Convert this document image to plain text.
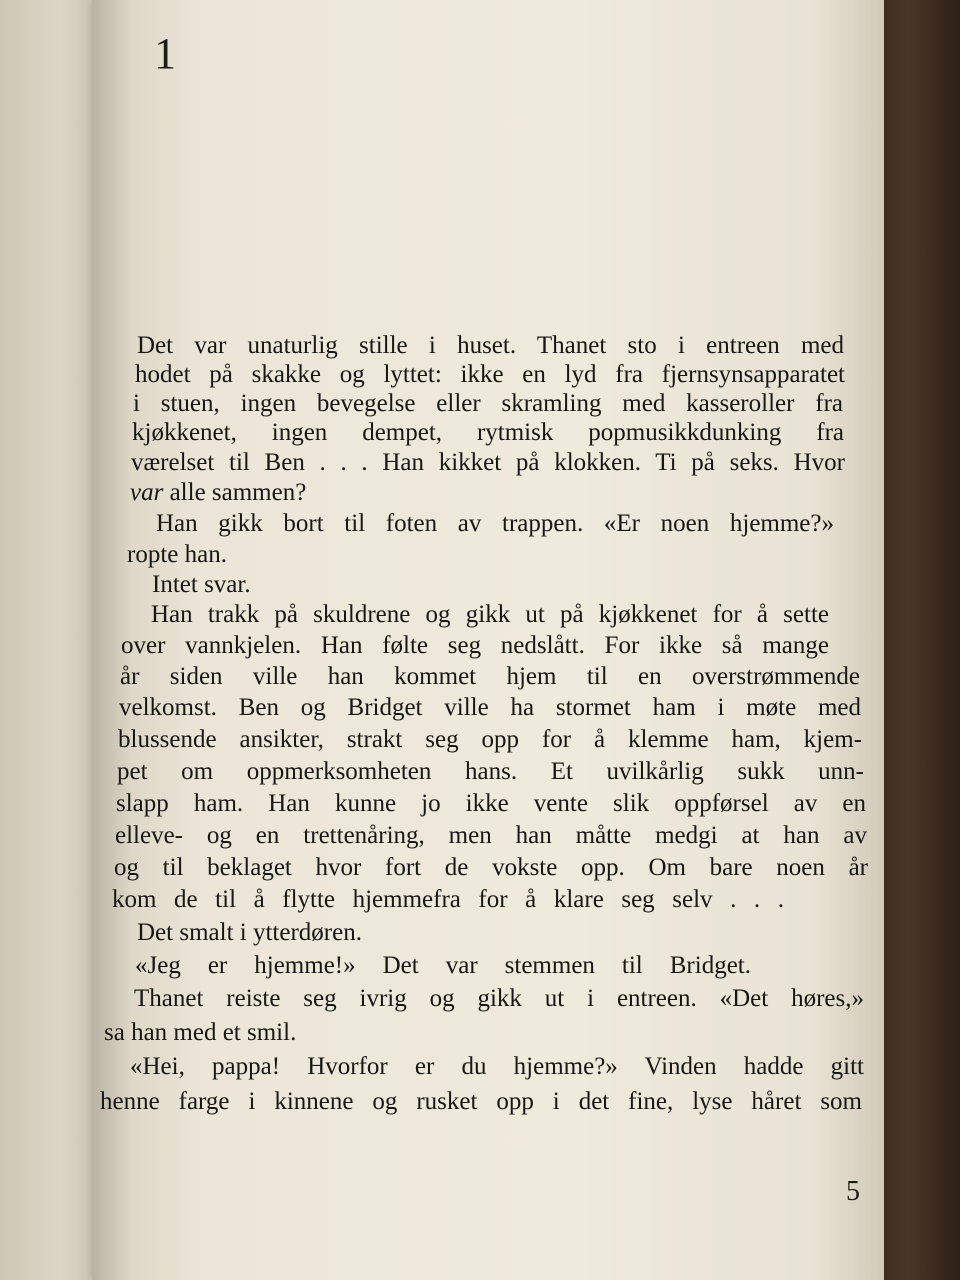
1
Det var unaturlig stille i huset. Thanet sto i entreen med
hodet på skakke og lyttet: ikke en lyd fra fjernsynsapparatet
i stuen, ingen bevegelse eller skramling med kasseroller fra
kjøkkenet, ingen dempet, rytmisk popmusikkdunking fra
værelset til Ben . . . Han kikket på klokken. Ti på seks. Hvor
var alle sammen?
Han gikk bort til foten av trappen. «Er noen hjemme?»
ropte han.
Intet svar.
Han trakk på skuldrene og gikk ut på kjøkkenet for å sette
over vannkjelen. Han følte seg nedslått. For ikke så mange
år siden ville han kommet hjem til en overstrømmende
velkomst. Ben og Bridget ville ha stormet ham i møte med
blussende ansikter, strakt seg opp for å klemme ham, kjem-
pet om oppmerksomheten hans. Et uvilkårlig sukk unn-
slapp ham. Han kunne jo ikke vente slik oppførsel av en
elleve- og en trettenåring, men han måtte medgi at han av
og til beklaget hvor fort de vokste opp. Om bare noen år
kom de til å flytte hjemmefra for å klare seg selv . . .
Det smalt i ytterdøren.
«Jeg er hjemme!» Det var stemmen til Bridget.
Thanet reiste seg ivrig og gikk ut i entreen. «Det høres,»
sa han med et smil.
«Hei, pappa! Hvorfor er du hjemme?» Vinden hadde gitt
henne farge i kinnene og rusket opp i det fine, lyse håret som
5
